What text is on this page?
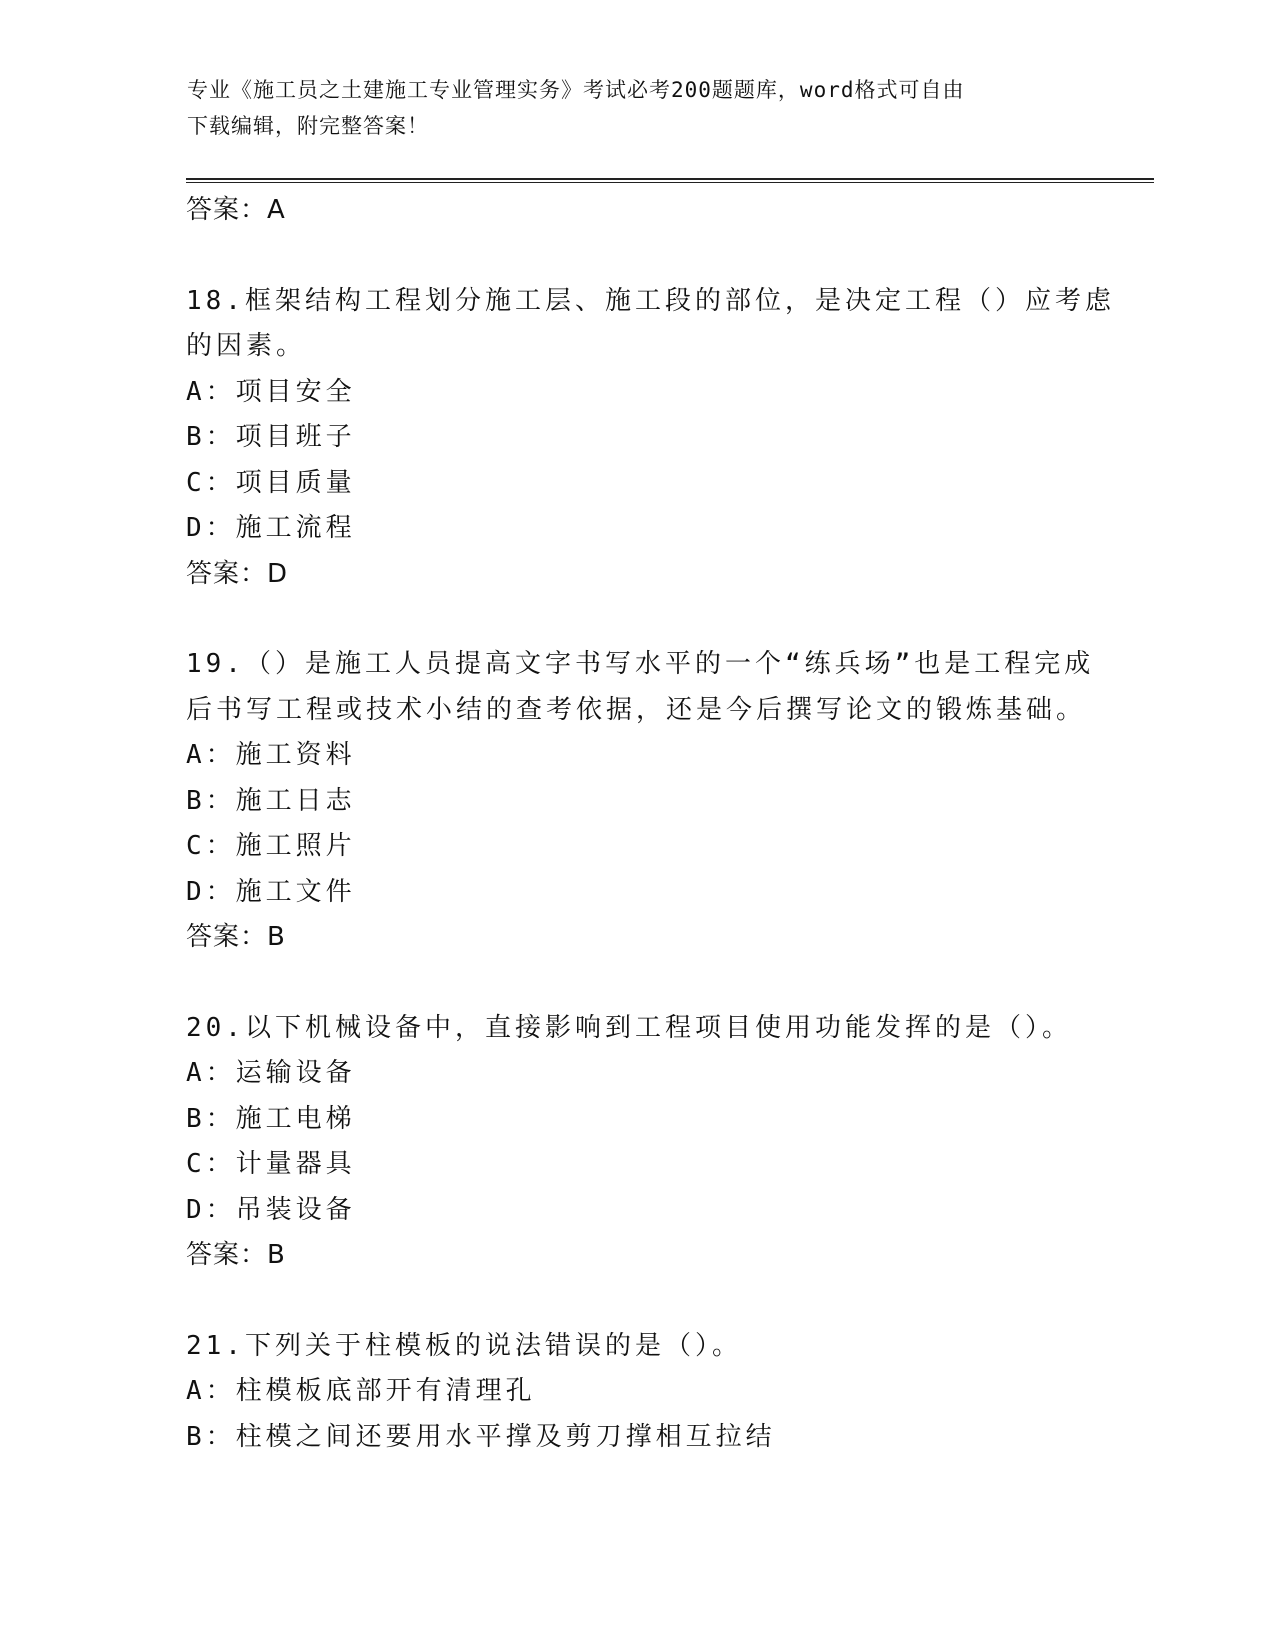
专业《施工员之土建施工专业管理实务》考试必考200题题库，word格式可自由
下载编辑，附完整答案！
答案：A
18.框架结构工程划分施工层、施工段的部位，是决定工程（）应考虑
的因素。
A：项目安全
B：项目班子
C：项目质量
D：施工流程
答案：D
19.（）是施工人员提高文字书写水平的一个“练兵场”也是工程完成
后书写工程或技术小结的查考依据，还是今后撰写论文的锻炼基础。
A：施工资料
B：施工日志
C：施工照片
D：施工文件
答案：B
20.以下机械设备中，直接影响到工程项目使用功能发挥的是（）。
A：运输设备
B：施工电梯
C：计量器具
D：吊装设备
答案：B
21.下列关于柱模板的说法错误的是（）。
A：柱模板底部开有清理孔
B：柱模之间还要用水平撑及剪刀撑相互拉结
